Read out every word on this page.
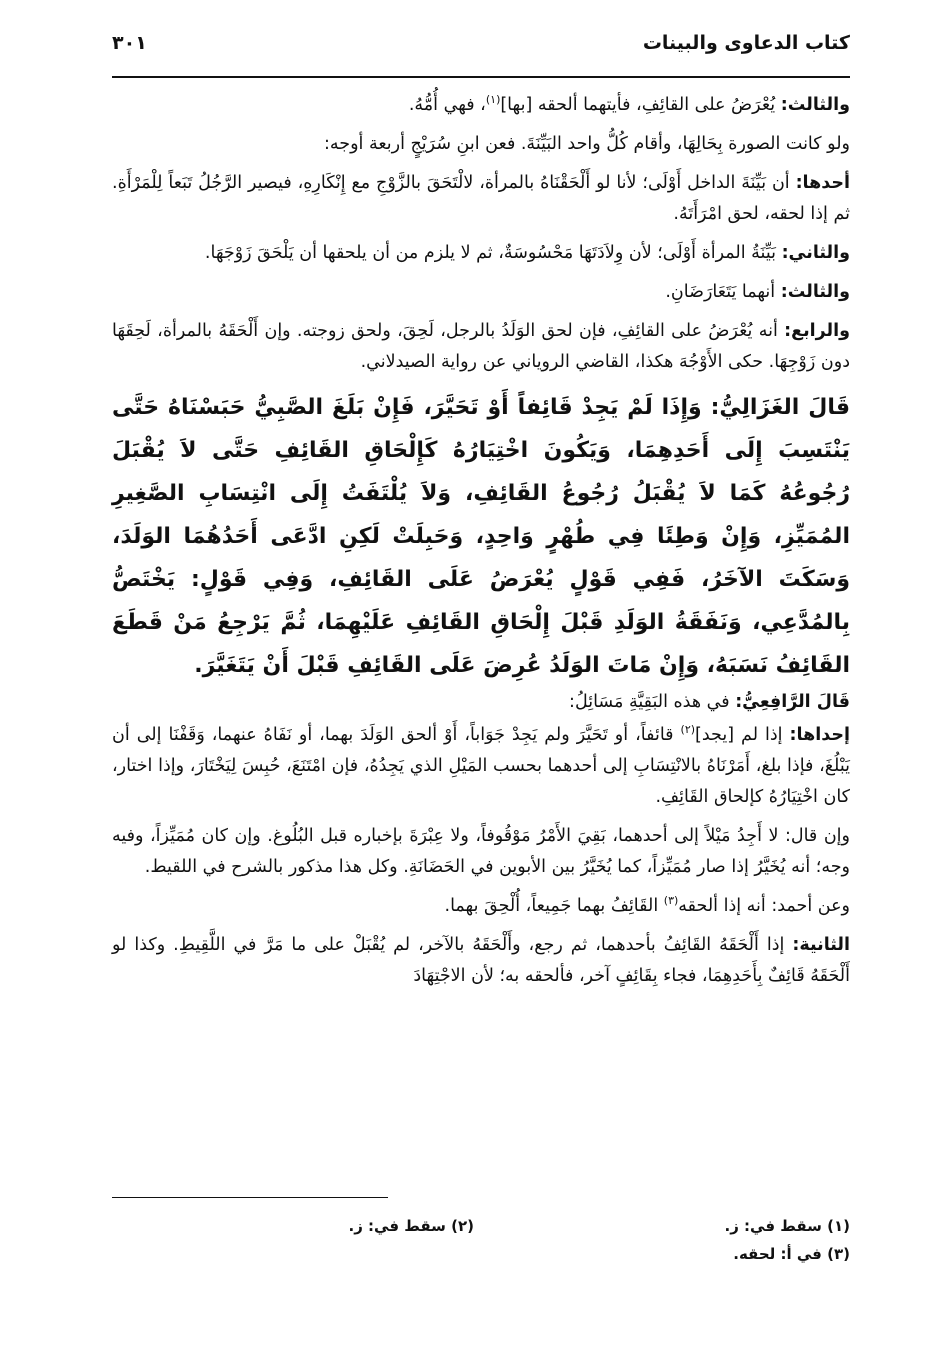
كتاب الدعاوى والبينات
٣٠١

والثالث: يُعْرَضُ على القائِفِ، فأيتهما ألحقه [بها]$^{(١)}$، فهي أُمُّهُ.

ولو كانت الصورة بِحَالِهَا، وأقام كُلُّ واحد البَيِّنَةَ. فعن ابنِ سُرَيْجٍ أربعة أوجه:

أحدها: أن بَيِّنَةَ الداخل أَوْلَى؛ لأنا لو أَلْحَقْنَاهُ بالمرأة، لالْتَحَقَ بالزَّوْجِ مع إِنْكَارِهِ، فيصير الرَّجُلُ تَبَعاً لِلْمَرْأَةِ. ثم إذا لحقه، لحق امْرَأَتَهُ.

والثاني: بَيِّنَةُ المرأة أَوْلَى؛ لأن وِلاَدَتَهَا مَحْسُوسَةٌ، ثم لا يلزم من أن يلحقها أن يَلْحَقَ زَوْجَهَا.

والثالث: أنهما يَتَعَارَضَانِ.

والرابع: أنه يُعْرَضُ على القائِفِ، فإن لحق الوَلَدُ بالرجل، لَحِقَ، ولحق زوجته. وإن أَلْحَقَهُ بالمرأة، لَحِقَهَا دون زَوْجِهَا. حكى الأَوْجُهَ هكذا، القاضي الروياني عن رواية الصيدلاني.

قَالَ الغَزَالِيُّ: وَإِذَا لَمْ يَجِدْ قَائِفاً أَوْ تَحَيَّرَ، فَإِنْ بَلَغَ الصَّبِيُّ حَبَسْنَاهُ حَتَّى يَنْتَسِبَ إِلَى أَحَدِهِمَا، وَيَكُونَ اخْتِيَارُهُ كَإِلْحَاقِ القَائِفِ حَتَّى لاَ يُقْبَلَ رُجُوعُهُ كَمَا لاَ يُقْبَلُ رُجُوعُ القَائِفِ، وَلاَ يُلْتَفَتُ إِلَى انْتِسَابِ الصَّغِيرِ المُمَيِّزِ، وَإِنْ وَطِئَا فِي طُهْرٍ وَاحِدٍ، وَحَبِلَتْ لَكِنِ ادَّعَى أَحَدُهُمَا الوَلَدَ، وَسَكَتَ الآخَرُ، فَفِي قَوْلٍ يُعْرَضُ عَلَى القَائِفِ، وَفِي قَوْلٍ: يَخْتَصُّ بِالمُدَّعِي، وَنَفَقَةُ الوَلَدِ قَبْلَ إِلْحَاقِ القَائِفِ عَلَيْهِمَا، ثُمَّ يَرْجِعُ مَنْ قَطَعَ القَائِفُ نَسَبَهُ، وَإِنْ مَاتَ الوَلَدُ عُرِضَ عَلَى القَائِفِ قَبْلَ أَنْ يَتَغَيَّرَ.

قَالَ الرَّافِعِيُّ: في هذه البَقِيَّةِ مَسَائِلُ:

إحداها: إذا لم [يجد]$^{(٢)}$ قائفاً، أو تَحَيَّرَ ولم يَجِدْ جَوَاباً، أَوْ ألحق الوَلَدَ بهما، أو نَفَاهُ عنهما، وَقَفْنَا إلى أن يَبْلُغَ، فإذا بلغ، أَمَرْنَاهُ بالانْتِسَابِ إلى أحدهما بحسب المَيْلِ الذي يَجِدُهُ، فإن امْتَنَعَ، حُبِسَ لِيَخْتَارَ، وإذا اختار، كان اخْتِيَارُهُ كإلحاق القَائِفِ.

وإن قال: لا أَجِدُ مَيْلاً إلى أحدهما، بَقِيَ الأَمْرُ مَوْقُوفاً، ولا عِبْرَةَ بإخباره قبل البُلُوغ. وإن كان مُمَيِّزاً، وفيه وجه؛ أنه يُخَيَّرُ إذا صار مُمَيِّزاً، كما يُخَيَّرُ بين الأبوين في الحَضَانَةِ. وكل هذا مذكور بالشرح في اللقيط.

وعن أحمد: أنه إذا ألحقه$^{(٣)}$ القَائِفُ بهما جَمِيعاً، أُلْحِقَ بهما.

الثانية: إذا أَلْحَقَهُ القَائِفُ بأحدهما، ثم رجع، وأَلْحَقَهُ بالآخر، لم يُقْبَلْ على ما مَرَّ في اللَّقِيطِ. وكذا لو أَلْحَقَهُ قَائِفٌ بِأَحَدِهِمَا، فجاء بِقَائِفٍ آخر، فألحقه به؛ لأن الاجْتِهَادَ

(١) سقط في: ز.
(٢) سقط في: ز.
(٣) في أ: لحقه.
